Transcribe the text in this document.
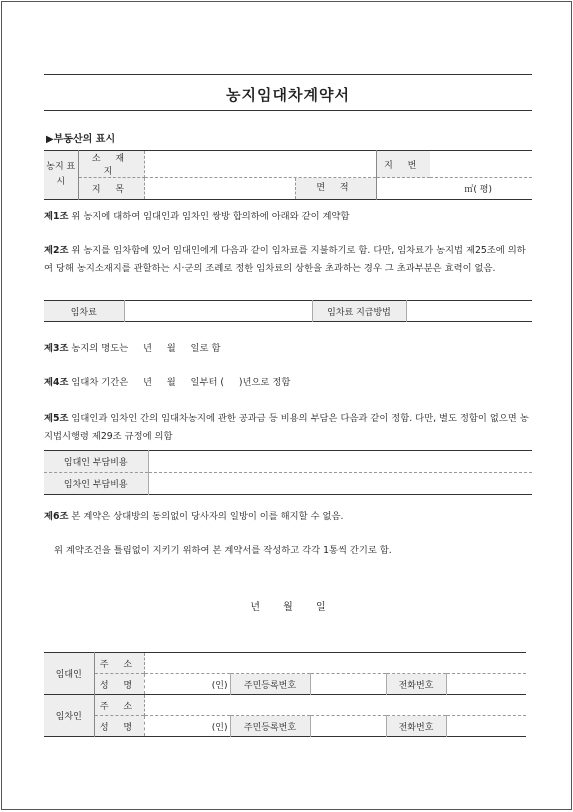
농지임대차계약서
▶부동산의 표시
농지 표시	소 재 지		지 번	
	지 목	면 적	㎡( 평)	
제1조 위 농지에 대하여 임대인과 임차인 쌍방 합의하에 아래와 같이 계약함
제2조 위 농지를 임차함에 있어 임대인에게 다음과 같이 임차료를 지불하기로 함. 다만, 임차료가 농지법 제25조에 의하여 당해 농지소재지를 관할하는 시·군의 조례로 정한 임차료의 상한을 초과하는 경우 그 초과부분은 효력이 없음.
임차료		임차료 지급방법	
제3조 농지의 명도는     년     월     일로 함
제4조 임대차 기간은     년     월     일부터 (     )년으로 정함
제5조 임대인과 임차인 간의 임대차농지에 관한 공과금 등 비용의 부담은 다음과 같이 정함. 다만, 별도 정함이 없으면 농지법시행령 제29조 규정에 의함
임대인 부담비용	
임차인 부담비용	
제6조 본 계약은 상대방의 동의없이 당사자의 일방이 이를 해지할 수 없음.
위 계약조건을 틀림없이 지키기 위하여 본 계약서를 작성하고 각각 1통씩 간기로 함.
년 월 일
임대인	주 소					
	성 명	(인)	주민등록번호		전화번호	
임차인	주 소					
	성 명	(인)	주민등록번호		전화번호	
